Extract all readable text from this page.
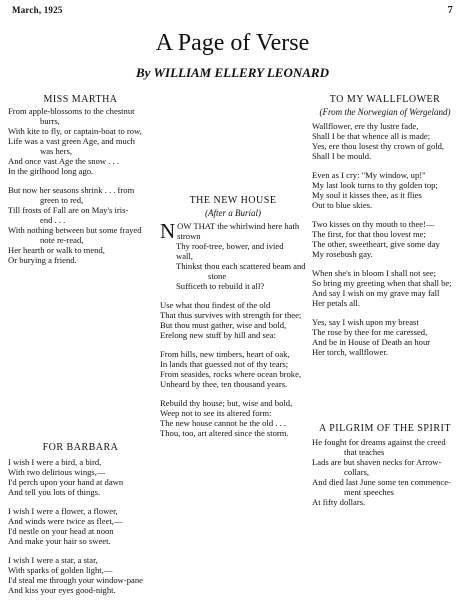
March, 1925	7
A Page of Verse
By WILLIAM ELLERY LEONARD
MISS MARTHA
From apple-blossoms to the chestnut
burrs,
With kite to fly, or captain-boat to row,
Life was a vast green Age, and much
was hers,
And once vast Age the snow . . .
In the girlhood long ago.
But now her seasons shrink . . . from
green to red,
Till frosts of Fall are on May's iris-
end . . .
With nothing between but some frayed
note re-read,
Her hearth or walk to mend,
Or burying a friend.
THE NEW HOUSE
(After a Burial)
N OW THAT the whirlwind here hath
strown
Thy roof-tree, bower, and ivied
wall,
Thinkst thou each scattered beam and
stone
Sufficeth to rebuild it all?
Use what thou findest of the old
That thus survives with strength for thee;
But thou must gather, wise and bold,
Erelong new stuff by hill and sea:
From hills, new timbers, heart of oak,
In lands that guessed not of thy tears;
From seasides, rocks where ocean broke,
Unheard by thee, ten thousand years.
Rebuild thy house; but, wise and bold,
Weep not to see its altered form:
The new house cannot be the old . . .
Thou, too, art altered since the storm.
TO MY WALLFLOWER
(From the Norwegian of Wergeland)
Wallflower, ere thy lustre fade,
Shall I be that whence all is made;
Yes, ere thou losest thy crown of gold,
Shall I be mould.
Even as I cry: "My window, up!"
My last look turns to thy golden top;
My soul it kisses thee, as it flies
Out to blue skies.
Two kisses on thy mouth to thee!—
The first, for that thou lovest me;
The other, sweetheart, give some day
My rosebush gay.
When she's in bloom I shall not see;
So bring my greeting when that shall be;
And say I wish on my grave may fall
Her petals all.
Yes, say I wish upon my breast
The rose by thee for me caressed,
And be in House of Death an hour
Her torch, wallflower.
FOR BARBARA
I wish I were a bird, a bird,
With two delirious wings,—
I'd perch upon your hand at dawn
And tell you lots of things.
I wish I were a flower, a flower,
And winds were twice as fleet,—
I'd nestle on your head at noon
And make your hair so sweet.
I wish I were a star, a star,
With sparks of golden light,—
I'd steal me through your window-pane
And kiss your eyes good-night.
A PILGRIM OF THE SPIRIT
He fought for dreams against the creed
that teaches
Lads are but shaven necks for Arrow-
collars,
And died last June some ten commence-
ment speeches
At fifty dollars.
